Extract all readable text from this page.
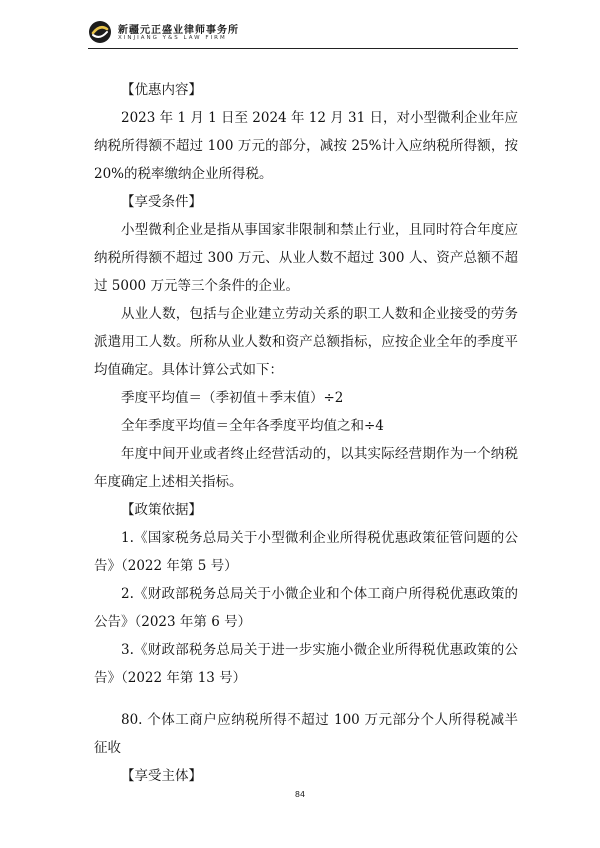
新疆元正盛业律师事务所
XINJIANG Y&S LAW FIRM

【优惠内容】

2023 年 1 月 1 日至 2024 年 12 月 31 日，对小型微利企业年应纳税所得额不超过 100 万元的部分，减按 25%计入应纳税所得额，按 20%的税率缴纳企业所得税。

【享受条件】

小型微利企业是指从事国家非限制和禁止行业，且同时符合年度应纳税所得额不超过 300 万元、从业人数不超过 300 人、资产总额不超过 5000 万元等三个条件的企业。

从业人数，包括与企业建立劳动关系的职工人数和企业接受的劳务派遣用工人数。所称从业人数和资产总额指标，应按企业全年的季度平均值确定。具体计算公式如下：

季度平均值＝（季初值＋季末值）÷2

全年季度平均值＝全年各季度平均值之和÷4

年度中间开业或者终止经营活动的，以其实际经营期作为一个纳税年度确定上述相关指标。

【政策依据】

1.《国家税务总局关于小型微利企业所得税优惠政策征管问题的公告》（2022 年第 5 号）

2.《财政部税务总局关于小微企业和个体工商户所得税优惠政策的公告》（2023 年第 6 号）

3.《财政部税务总局关于进一步实施小微企业所得税优惠政策的公告》（2022 年第 13 号）

80. 个体工商户应纳税所得不超过 100 万元部分个人所得税减半征收

【享受主体】

84
